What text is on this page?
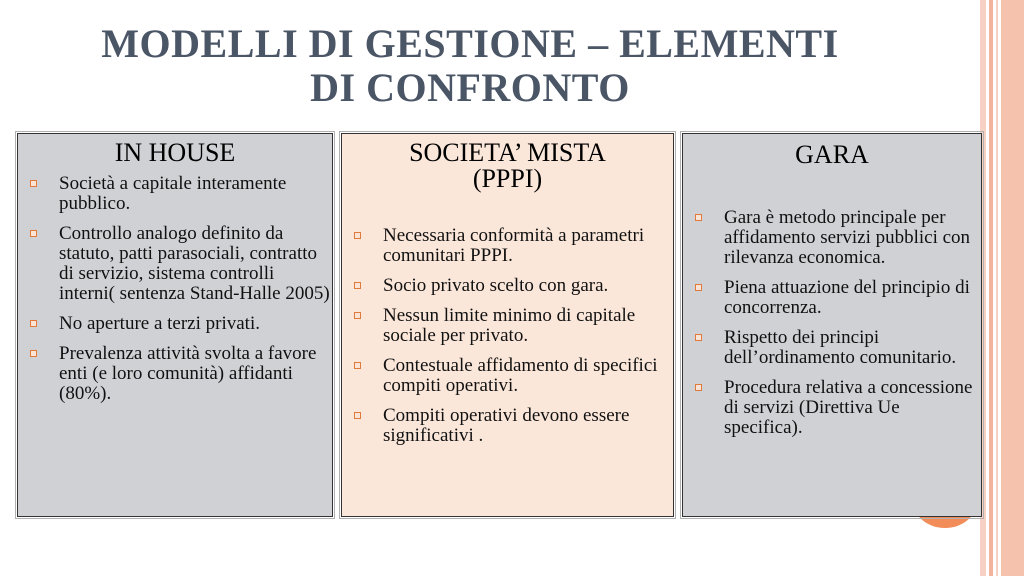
MODELLI DI GESTIONE – ELEMENTI
DI CONFRONTO
IN HOUSE
Società a capitale interamente pubblico.
Controllo analogo definito da statuto, patti parasociali, contratto di servizio, sistema controlli interni( sentenza Stand-Halle 2005)
No aperture a terzi privati.
Prevalenza attività svolta a favore enti (e loro comunità) affidanti (80%).
SOCIETA’ MISTA
(PPPI)
Necessaria conformità a parametri comunitari PPPI.
Socio privato scelto con gara.
Nessun limite minimo di capitale sociale per privato.
Contestuale affidamento di specifici compiti operativi.
Compiti operativi devono essere significativi .
GARA
Gara è metodo principale per affidamento servizi pubblici con rilevanza economica.
Piena attuazione del principio di concorrenza.
Rispetto dei principi dell’ordinamento comunitario.
Procedura relativa a concessione di servizi (Direttiva Ue specifica).
